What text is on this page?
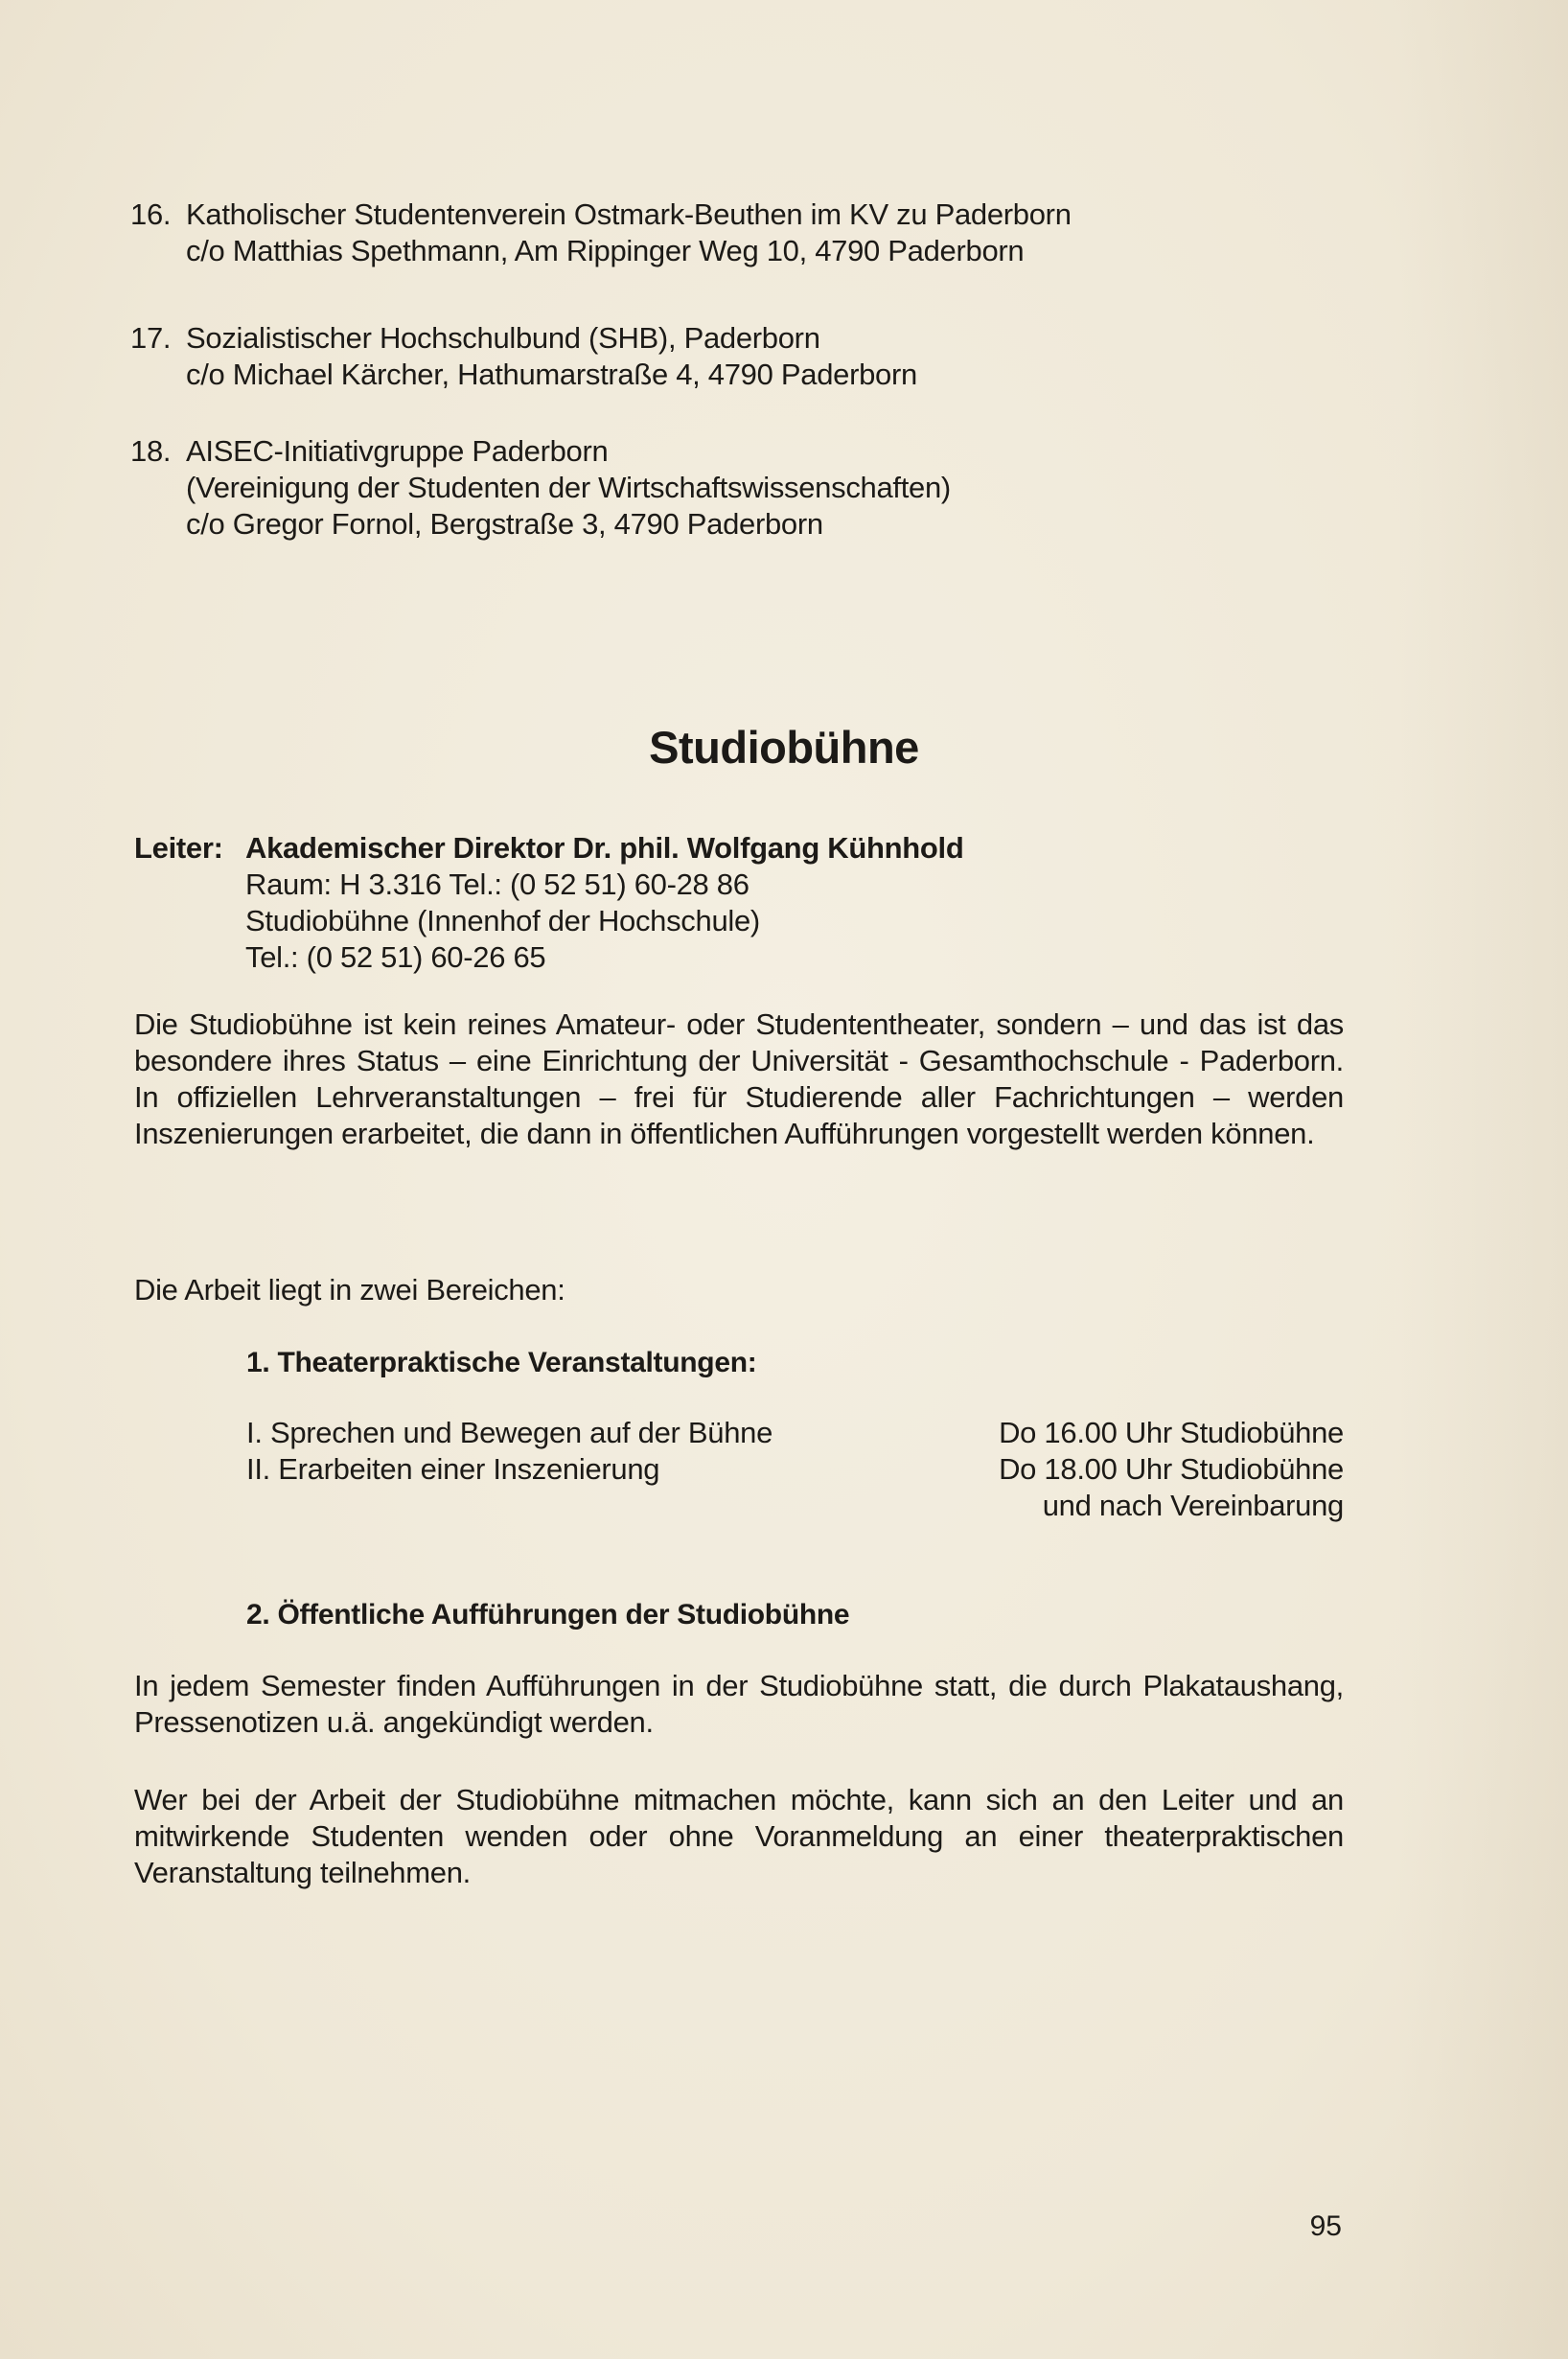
16. Katholischer Studentenverein Ostmark-Beuthen im KV zu Paderborn
c/o Matthias Spethmann, Am Rippinger Weg 10, 4790 Paderborn
17. Sozialistischer Hochschulbund (SHB), Paderborn
c/o Michael Kärcher, Hathumarstraße 4, 4790 Paderborn
18. AISEC-Initiativgruppe Paderborn
(Vereinigung der Studenten der Wirtschaftswissenschaften)
c/o Gregor Fornol, Bergstraße 3, 4790 Paderborn
Studiobühne
Leiter: Akademischer Direktor Dr. phil. Wolfgang Kühnhold
Raum: H 3.316 Tel.: (0 52 51) 60-28 86
Studiobühne (Innenhof der Hochschule)
Tel.: (0 52 51) 60-26 65
Die Studiobühne ist kein reines Amateur- oder Studententheater, sondern – und das ist das besondere ihres Status – eine Einrichtung der Universität - Gesamthochschule - Paderborn. In offiziellen Lehrveranstaltungen – frei für Studierende aller Fachrichtungen – werden Inszenierungen erarbeitet, die dann in öffentlichen Aufführungen vorgestellt werden können.
Die Arbeit liegt in zwei Bereichen:
1. Theaterpraktische Veranstaltungen:
I. Sprechen und Bewegen auf der Bühne	Do 16.00 Uhr Studiobühne
II. Erarbeiten einer Inszenierung	Do 18.00 Uhr Studiobühne
und nach Vereinbarung
2. Öffentliche Aufführungen der Studiobühne
In jedem Semester finden Aufführungen in der Studiobühne statt, die durch Plakataushang, Pressenotizen u.ä. angekündigt werden.
Wer bei der Arbeit der Studiobühne mitmachen möchte, kann sich an den Leiter und an mitwirkende Studenten wenden oder ohne Voranmeldung an einer theaterpraktischen Veranstaltung teilnehmen.
95
